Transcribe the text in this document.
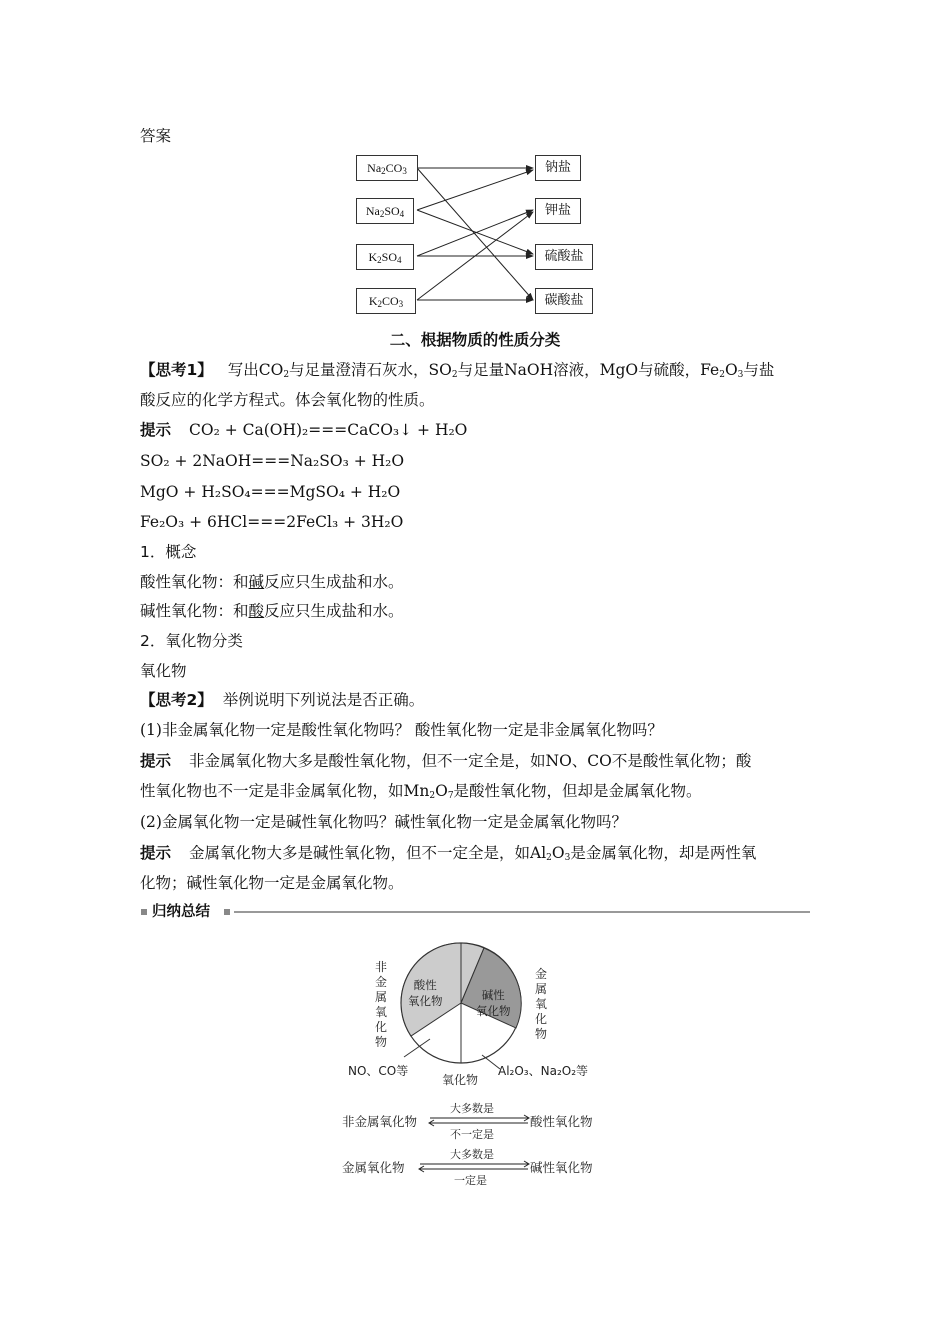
答案
$Na_2CO_3$
$Na_2SO_4$
$K_2SO_4$
$K_2CO_3$
钠盐
钾盐
硫酸盐
碳酸盐
二、根据物质的性质分类
【思考1】 写出$CO_2$与足量澄清石灰水，$SO_2$与足量NaOH溶液，MgO与硫酸，$Fe_2O_3$与盐
酸反应的化学方程式。体会氧化物的性质。
提示 CO₂ + Ca(OH)₂===CaCO₃↓ + H₂O
SO₂ + 2NaOH===Na₂SO₃ + H₂O
MgO + H₂SO₄===MgSO₄ + H₂O
Fe₂O₃ + 6HCl===2FeCl₃ + 3H₂O
1．概念
酸性氧化物：和碱反应只生成盐和水。
碱性氧化物：和酸反应只生成盐和水。
2．氧化物分类
氧化物
【思考2】 举例说明下列说法是否正确。
(1)非金属氧化物一定是酸性氧化物吗？ 酸性氧化物一定是非金属氧化物吗？
提示 非金属氧化物大多是酸性氧化物，但不一定全是，如NO、CO不是酸性氧化物；酸
性氧化物也不一定是非金属氧化物，如$Mn_2O_7$是酸性氧化物，但却是金属氧化物。
(2)金属氧化物一定是碱性氧化物吗？碱性氧化物一定是金属氧化物吗？
提示 金属氧化物大多是碱性氧化物，但不一定全是，如$Al_2O_3$是金属氧化物，却是两性氧
化物；碱性氧化物一定是金属氧化物。
归纳总结
酸性
氧化物	碱性
氧化物
非金属氧化物
金属氧化物
NO、CO等
氧化物
Al₂O₃、Na₂O₂等
非金属氧化物
大多数是
不一定是
酸性氧化物
金属氧化物
大多数是
一定是
碱性氧化物
